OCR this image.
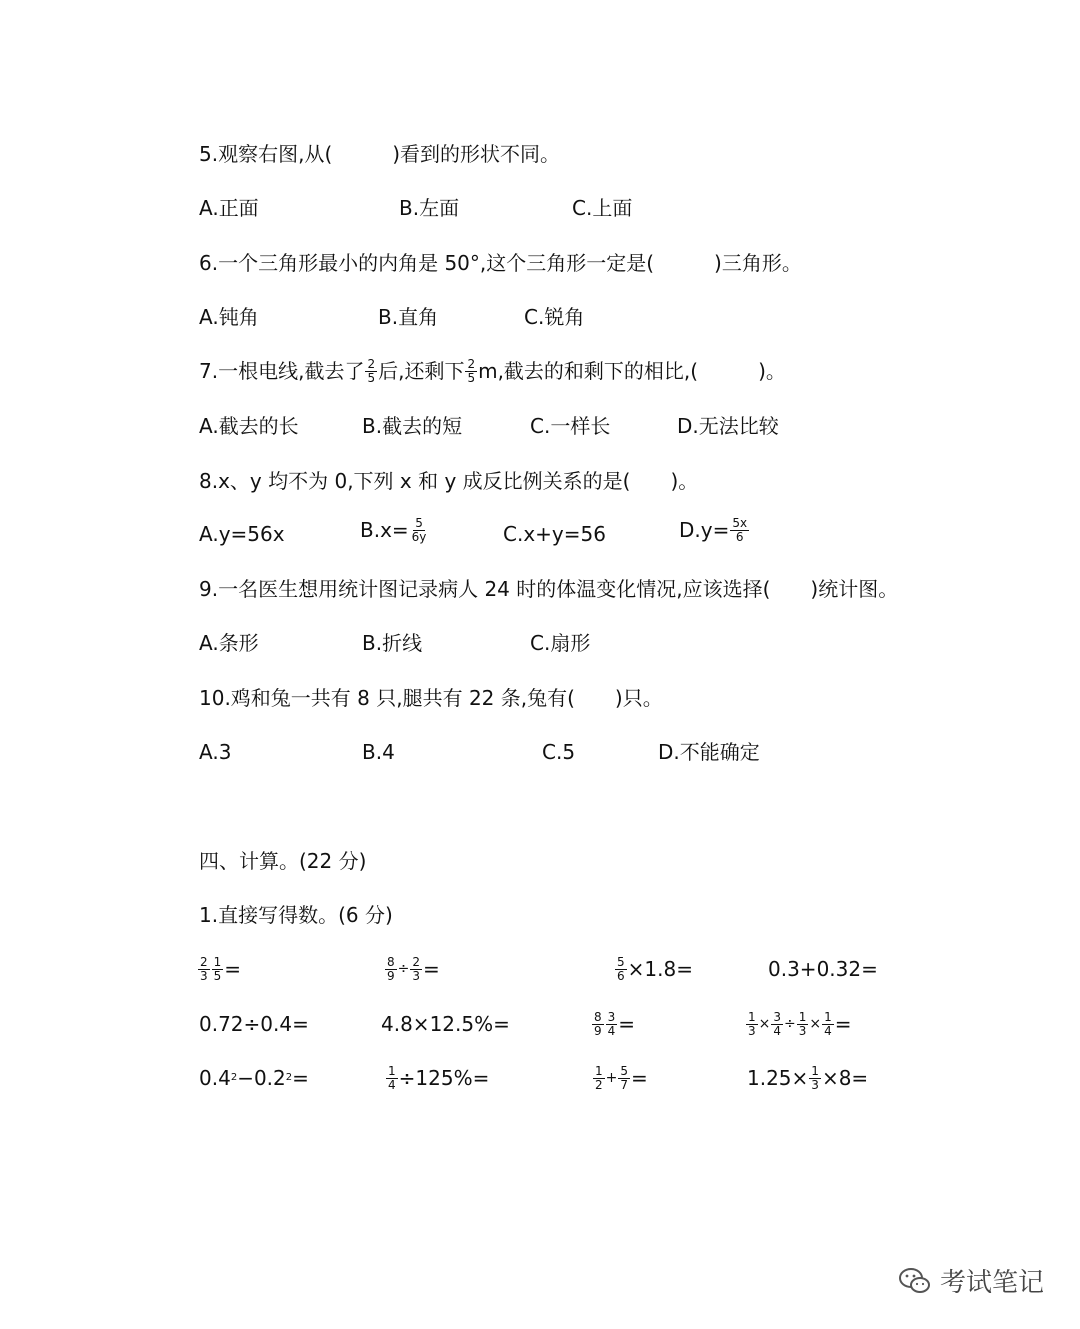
5.观察右图,从(　　　)看到的形状不同。
A.正面	B.左面	C.上面
6.一个三角形最小的内角是 50°,这个三角形一定是(　　　)三角形。
A.钝角	B.直角	C.锐角
7.一根电线,截去了 $\frac{2}{5}$ 后,还剩下 $\frac{2}{5} m$,截去的和剩下的相比,(　　　)。
A.截去的长	B.截去的短	C.一样长	D.无法比较
8.x、y 均不为 0,下列 x 和 y 成反比例关系的是(　　)。
A.y=56x	$B.x= \frac{5}{6y}$	C.x+y=56	$D.y= \frac{5x}{6}$
9.一名医生想用统计图记录病人 24 时的体温变化情况,应该选择(　　)统计图。
A.条形	B.折线	C.扇形
10.鸡和兔一共有 8 只,腿共有 22 条,兔有(　　)只。
A.3	B.4	C.5	D.不能确定
四、计算。(22 分)
1.直接写得数。(6 分)
$\frac{2}{3} \frac{1}{5}$ =	$\frac{8}{9} \div \frac{2}{3}$ =	$\frac{5}{6} \times 1.8=$	0.3+0.32=
0.72÷0.4=	4.8×12.5%=	$\frac{8}{9} \frac{3}{4}$ =	$\frac{1}{3} \times \frac{3}{4} \div \frac{1}{3} \times \frac{1}{4}$ =
0.4 2 −0.2 2 =	$\frac{1}{4} \div 125\%=$	$\frac{1}{2} + \frac{5}{7}$ =	$1.25\times \frac{1}{3} \times 8=$
考试笔记
